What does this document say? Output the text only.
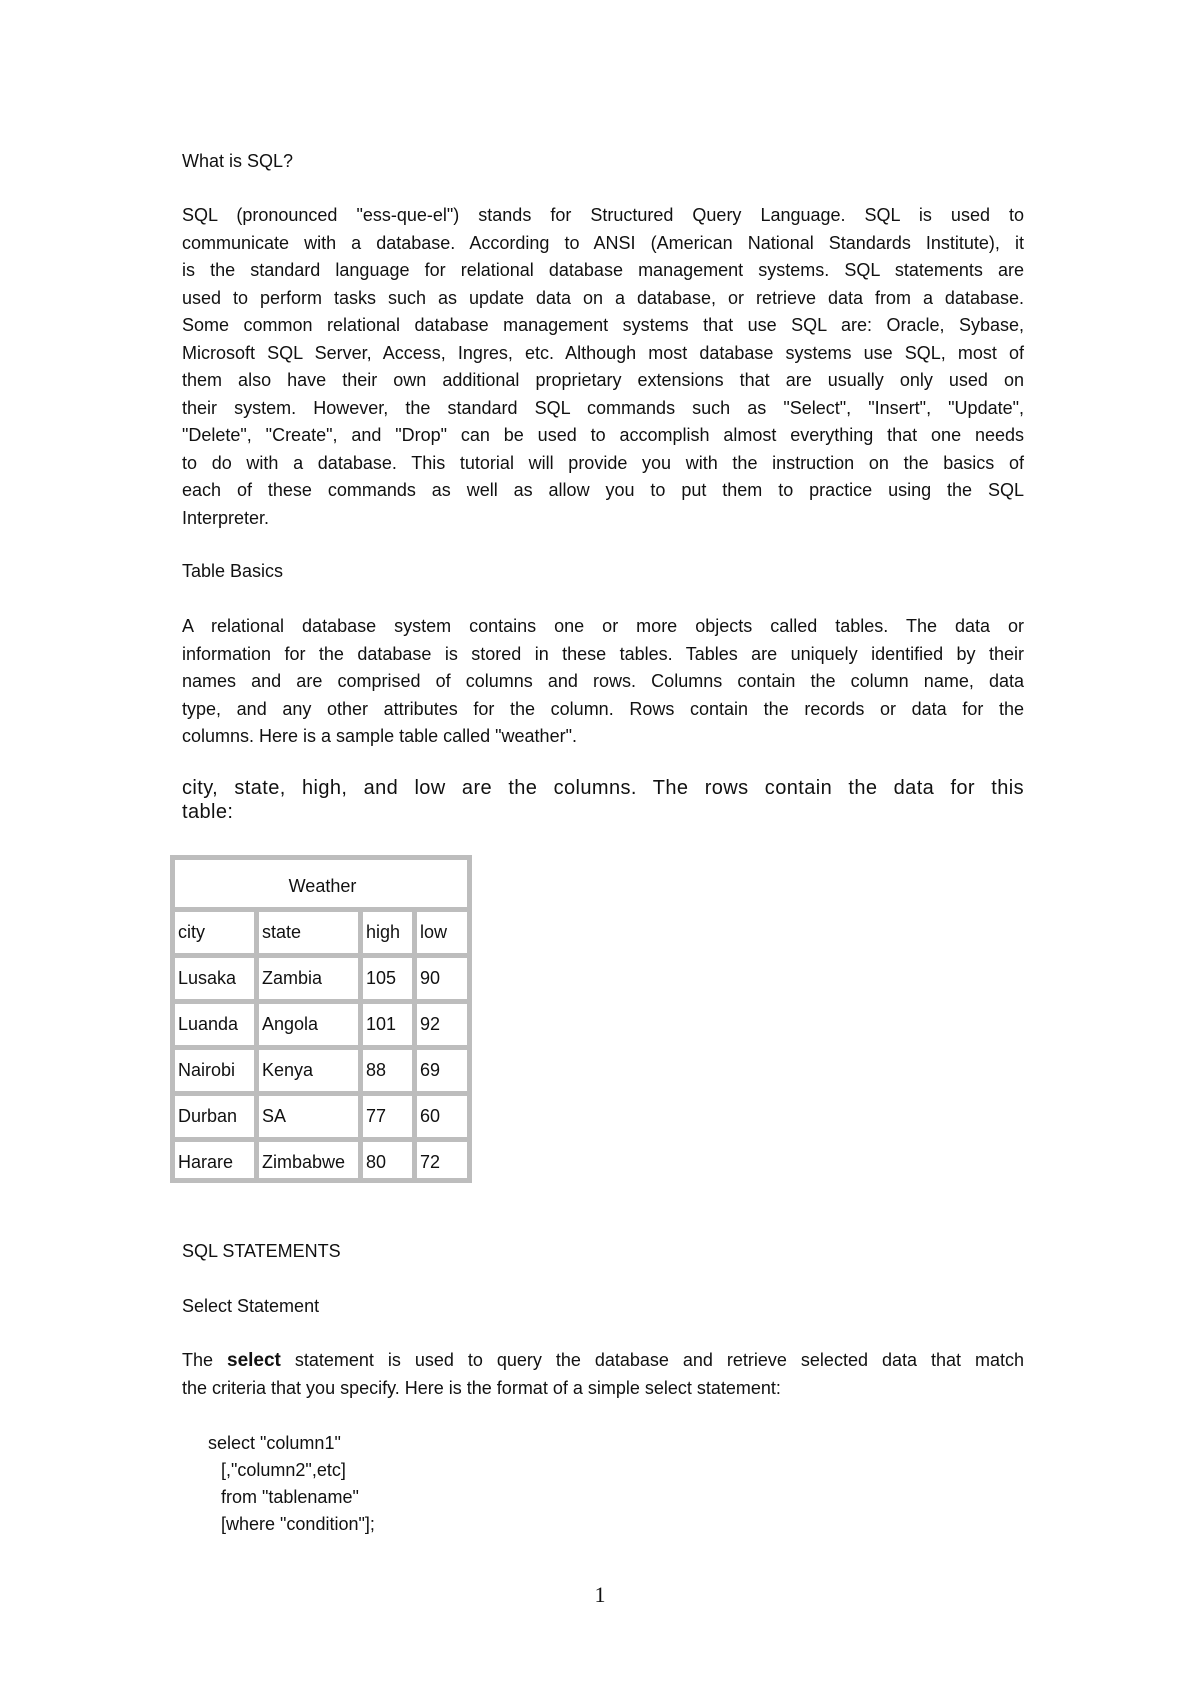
What is SQL?

SQL (pronounced "ess-que-el") stands for Structured Query Language. SQL is used to

communicate with a database. According to ANSI (American National Standards Institute), it

is the standard language for relational database management systems. SQL statements are

used to perform tasks such as update data on a database, or retrieve data from a database.

Some common relational database management systems that use SQL are: Oracle, Sybase,

Microsoft SQL Server, Access, Ingres, etc. Although most database systems use SQL, most of

them also have their own additional proprietary extensions that are usually only used on

their system. However, the standard SQL commands such as "Select", "Insert", "Update",

"Delete", "Create", and "Drop" can be used to accomplish almost everything that one needs

to do with a database. This tutorial will provide you with the instruction on the basics of

each of these commands as well as allow you to put them to practice using the SQL

Interpreter.

Table Basics

A relational database system contains one or more objects called tables. The data or

information for the database is stored in these tables. Tables are uniquely identified by their

names and are comprised of columns and rows. Columns contain the column name, data

type, and any other attributes for the column. Rows contain the records or data for the

columns. Here is a sample table called "weather".

city, state, high, and low are the columns. The rows contain the data for this

table:

Weather			
city	state	high	low
Lusaka	Zambia	105	90
Luanda	Angola	101	92
Nairobi	Kenya	88	69
Durban	SA	77	60
Harare	Zimbabwe	80	72

SQL STATEMENTS

Select Statement

The select statement is used to query the database and retrieve selected data that match

the criteria that you specify. Here is the format of a simple select statement:

select "column1"

[,"column2",etc]

from "tablename"

[where "condition"];

1
